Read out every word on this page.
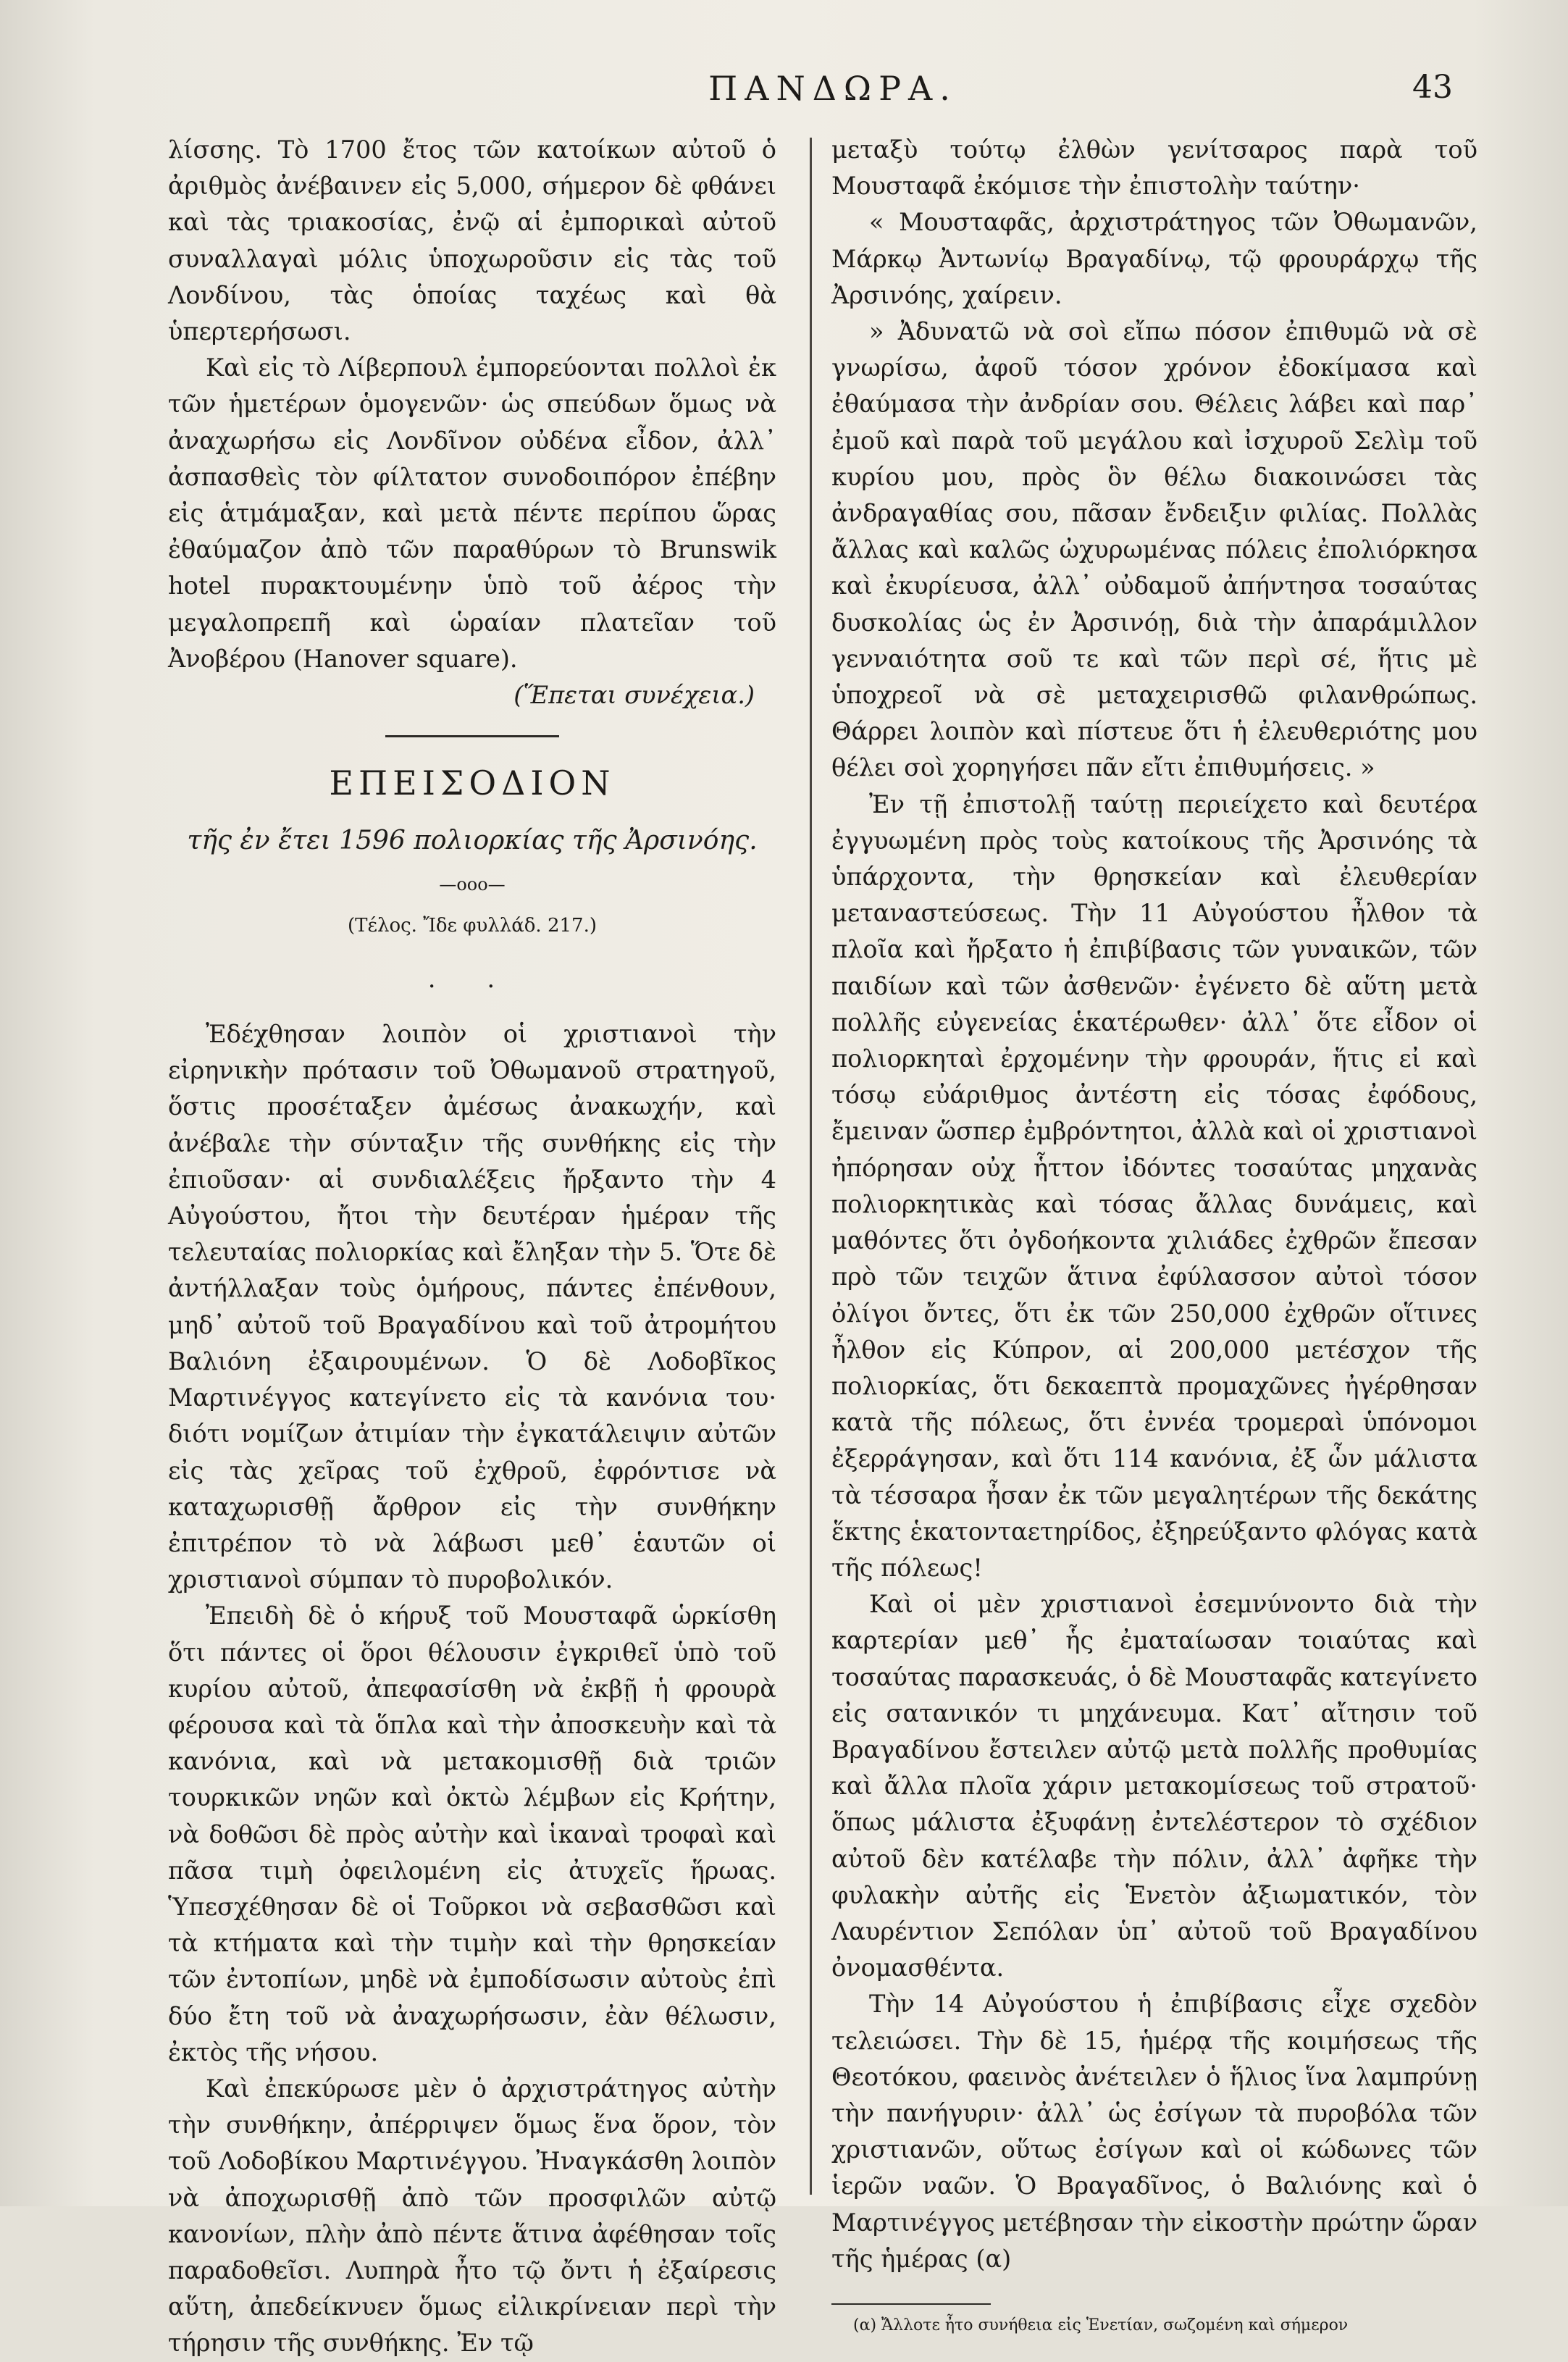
ΠΑΝΔΩΡΑ.	43

λίσσης. Τὸ 1700 ἔτος τῶν κατοίκων αὐτοῦ ὁ ἀριθμὸς ἀνέβαινεν εἰς 5,000, σήμερον δὲ φθάνει καὶ τὰς τριακοσίας, ἐνῷ αἱ ἐμπορικαὶ αὐτοῦ συναλλαγαὶ μόλις ὑποχωροῦσιν εἰς τὰς τοῦ Λονδίνου, τὰς ὁποίας ταχέως καὶ θὰ ὑπερτερήσωσι.

Καὶ εἰς τὸ Λίβερπουλ ἐμπορεύονται πολλοὶ ἐκ τῶν ἡμετέρων ὁμογενῶν· ὡς σπεύδων ὅμως νὰ ἀναχωρήσω εἰς Λονδῖνον οὐδένα εἶδον, ἀλλ᾽ ἀσπασθεὶς τὸν φίλτατον συνοδοιπόρον ἐπέβην εἰς ἁτμάμαξαν, καὶ μετὰ πέντε περίπου ὥρας ἐθαύμαζον ἀπὸ τῶν παραθύρων τὸ Brunswik hotel πυρακτουμένην ὑπὸ τοῦ ἀέρος τὴν μεγαλοπρεπῆ καὶ ὡραίαν πλατεῖαν τοῦ Ἀνοβέρου (Hanover square).

(Ἕπεται συνέχεια.)
ΕΠΕΙΣΟΔΙΟΝ
τῆς ἐν ἔτει 1596 πολιορκίας τῆς Ἀρσινόης.
—οοο—
(Τέλος. Ἴδε φυλλάδ. 217.)
. .

Ἐδέχθησαν λοιπὸν οἱ χριστιανοὶ τὴν εἰρηνικὴν πρότασιν τοῦ Ὀθωμανοῦ στρατηγοῦ, ὅστις προσέταξεν ἀμέσως ἀνακωχήν, καὶ ἀνέβαλε τὴν σύνταξιν τῆς συνθήκης εἰς τὴν ἐπιοῦσαν· αἱ συνδιαλέξεις ἤρξαντο τὴν 4 Αὐγούστου, ἤτοι τὴν δευτέραν ἡμέραν τῆς τελευταίας πολιορκίας καὶ ἔληξαν τὴν 5. Ὅτε δὲ ἀντήλλαξαν τοὺς ὁμήρους, πάντες ἐπένθουν, μηδ᾽ αὐτοῦ τοῦ Βραγαδίνου καὶ τοῦ ἀτρομήτου Βαλιόνη ἐξαιρουμένων. Ὁ δὲ Λοδοβῖκος Μαρτινέγγος κατεγίνετο εἰς τὰ κανόνια του· διότι νομίζων ἀτιμίαν τὴν ἐγκατάλειψιν αὐτῶν εἰς τὰς χεῖρας τοῦ ἐχθροῦ, ἐφρόντισε νὰ καταχωρισθῇ ἄρθρον εἰς τὴν συνθήκην ἐπιτρέπον τὸ νὰ λάβωσι μεθ᾽ ἑαυτῶν οἱ χριστιανοὶ σύμπαν τὸ πυροβολικόν.

Ἐπειδὴ δὲ ὁ κήρυξ τοῦ Μουσταφᾶ ὡρκίσθη ὅτι πάντες οἱ ὅροι θέλουσιν ἐγκριθεῖ ὑπὸ τοῦ κυρίου αὐτοῦ, ἀπεφασίσθη νὰ ἐκβῇ ἡ φρουρὰ φέρουσα καὶ τὰ ὅπλα καὶ τὴν ἀποσκευὴν καὶ τὰ κανόνια, καὶ νὰ μετακομισθῇ διὰ τριῶν τουρκικῶν νηῶν καὶ ὀκτὼ λέμβων εἰς Κρήτην, νὰ δοθῶσι δὲ πρὸς αὐτὴν καὶ ἱκαναὶ τροφαὶ καὶ πᾶσα τιμὴ ὀφειλομένη εἰς ἀτυχεῖς ἥρωας. Ὑπεσχέθησαν δὲ οἱ Τοῦρκοι νὰ σεβασθῶσι καὶ τὰ κτήματα καὶ τὴν τιμὴν καὶ τὴν θρησκείαν τῶν ἐντοπίων, μηδὲ νὰ ἐμποδίσωσιν αὐτοὺς ἐπὶ δύο ἔτη τοῦ νὰ ἀναχωρήσωσιν, ἐὰν θέλωσιν, ἐκτὸς τῆς νήσου.

Καὶ ἐπεκύρωσε μὲν ὁ ἀρχιστράτηγος αὐτὴν τὴν συνθήκην, ἀπέρριψεν ὅμως ἕνα ὅρον, τὸν τοῦ Λοδοβίκου Μαρτινέγγου. Ἠναγκάσθη λοιπὸν νὰ ἀποχωρισθῇ ἀπὸ τῶν προσφιλῶν αὐτῷ κανονίων, πλὴν ἀπὸ πέντε ἅτινα ἀφέθησαν τοῖς παραδοθεῖσι. Λυπηρὰ ἦτο τῷ ὄντι ἡ ἐξαίρεσις αὕτη, ἀπεδείκνυεν ὅμως εἰλικρίνειαν περὶ τὴν τήρησιν τῆς συνθήκης. Ἐν τῷ

μεταξὺ τούτῳ ἐλθὼν γενίτσαρος παρὰ τοῦ Μουσταφᾶ ἐκόμισε τὴν ἐπιστολὴν ταύτην·

« Μουσταφᾶς, ἀρχιστράτηγος τῶν Ὀθωμανῶν, Μάρκῳ Ἀντωνίῳ Βραγαδίνῳ, τῷ φρουράρχῳ τῆς Ἀρσινόης, χαίρειν.

» Ἀδυνατῶ νὰ σοὶ εἴπω πόσον ἐπιθυμῶ νὰ σὲ γνωρίσω, ἀφοῦ τόσον χρόνον ἐδοκίμασα καὶ ἐθαύμασα τὴν ἀνδρίαν σου. Θέλεις λάβει καὶ παρ᾽ ἐμοῦ καὶ παρὰ τοῦ μεγάλου καὶ ἰσχυροῦ Σελὶμ τοῦ κυρίου μου, πρὸς ὃν θέλω διακοινώσει τὰς ἀνδραγαθίας σου, πᾶσαν ἔνδειξιν φιλίας. Πολλὰς ἄλλας καὶ καλῶς ὠχυρωμένας πόλεις ἐπολιόρκησα καὶ ἐκυρίευσα, ἀλλ᾽ οὐδαμοῦ ἀπήντησα τοσαύτας δυσκολίας ὡς ἐν Ἀρσινόῃ, διὰ τὴν ἀπαράμιλλον γενναιότητα σοῦ τε καὶ τῶν περὶ σέ, ἥτις μὲ ὑποχρεοῖ νὰ σὲ μεταχειρισθῶ φιλανθρώπως. Θάρρει λοιπὸν καὶ πίστευε ὅτι ἡ ἐλευθεριότης μου θέλει σοὶ χορηγήσει πᾶν εἴτι ἐπιθυμήσεις. »

Ἐν τῇ ἐπιστολῇ ταύτῃ περιείχετο καὶ δευτέρα ἐγγυωμένη πρὸς τοὺς κατοίκους τῆς Ἀρσινόης τὰ ὑπάρχοντα, τὴν θρησκείαν καὶ ἐλευθερίαν μεταναστεύσεως. Τὴν 11 Αὐγούστου ἦλθον τὰ πλοῖα καὶ ἤρξατο ἡ ἐπιβίβασις τῶν γυναικῶν, τῶν παιδίων καὶ τῶν ἀσθενῶν· ἐγένετο δὲ αὕτη μετὰ πολλῆς εὐγενείας ἑκατέρωθεν· ἀλλ᾽ ὅτε εἶδον οἱ πολιορκηταὶ ἐρχομένην τὴν φρουράν, ἥτις εἰ καὶ τόσῳ εὐάριθμος ἀντέστη εἰς τόσας ἐφόδους, ἔμειναν ὥσπερ ἐμβρόντητοι, ἀλλὰ καὶ οἱ χριστιανοὶ ἠπόρησαν οὐχ ἧττον ἰδόντες τοσαύτας μηχανὰς πολιορκητικὰς καὶ τόσας ἄλλας δυνάμεις, καὶ μαθόντες ὅτι ὀγδοήκοντα χιλιάδες ἐχθρῶν ἔπεσαν πρὸ τῶν τειχῶν ἅτινα ἐφύλασσον αὐτοὶ τόσον ὀλίγοι ὄντες, ὅτι ἐκ τῶν 250,000 ἐχθρῶν οἵτινες ἦλθον εἰς Κύπρον, αἱ 200,000 μετέσχον τῆς πολιορκίας, ὅτι δεκαεπτὰ προμαχῶνες ἠγέρθησαν κατὰ τῆς πόλεως, ὅτι ἐννέα τρομεραὶ ὑπόνομοι ἐξερράγησαν, καὶ ὅτι 114 κανόνια, ἐξ ὧν μάλιστα τὰ τέσσαρα ἦσαν ἐκ τῶν μεγαλητέρων τῆς δεκάτης ἕκτης ἑκατονταετηρίδος, ἐξηρεύξαντο φλόγας κατὰ τῆς πόλεως!

Καὶ οἱ μὲν χριστιανοὶ ἐσεμνύνοντο διὰ τὴν καρτερίαν μεθ᾽ ἧς ἐματαίωσαν τοιαύτας καὶ τοσαύτας παρασκευάς, ὁ δὲ Μουσταφᾶς κατεγίνετο εἰς σατανικόν τι μηχάνευμα. Κατ᾽ αἴτησιν τοῦ Βραγαδίνου ἔστειλεν αὐτῷ μετὰ πολλῆς προθυμίας καὶ ἄλλα πλοῖα χάριν μετακομίσεως τοῦ στρατοῦ· ὅπως μάλιστα ἐξυφάνῃ ἐντελέστερον τὸ σχέδιον αὐτοῦ δὲν κατέλαβε τὴν πόλιν, ἀλλ᾽ ἀφῆκε τὴν φυλακὴν αὐτῆς εἰς Ἑνετὸν ἀξιωματικόν, τὸν Λαυρέντιον Σεπόλαν ὑπ᾽ αὐτοῦ τοῦ Βραγαδίνου ὀνομασθέντα.

Τὴν 14 Αὐγούστου ἡ ἐπιβίβασις εἶχε σχεδὸν τελειώσει. Τὴν δὲ 15, ἡμέρᾳ τῆς κοιμήσεως τῆς Θεοτόκου, φαεινὸς ἀνέτειλεν ὁ ἥλιος ἵνα λαμπρύνῃ τὴν πανήγυριν· ἀλλ᾽ ὡς ἐσίγων τὰ πυροβόλα τῶν χριστιανῶν, οὕτως ἐσίγων καὶ οἱ κώδωνες τῶν ἱερῶν ναῶν. Ὁ Βραγαδῖνος, ὁ Βαλιόνης καὶ ὁ Μαρτινέγγος μετέβησαν τὴν εἰκοστὴν πρώτην ὥραν τῆς ἡμέρας (α)

(α) Ἄλλοτε ἦτο συνήθεια εἰς Ἑνετίαν, σωζομένη καὶ σήμερον
